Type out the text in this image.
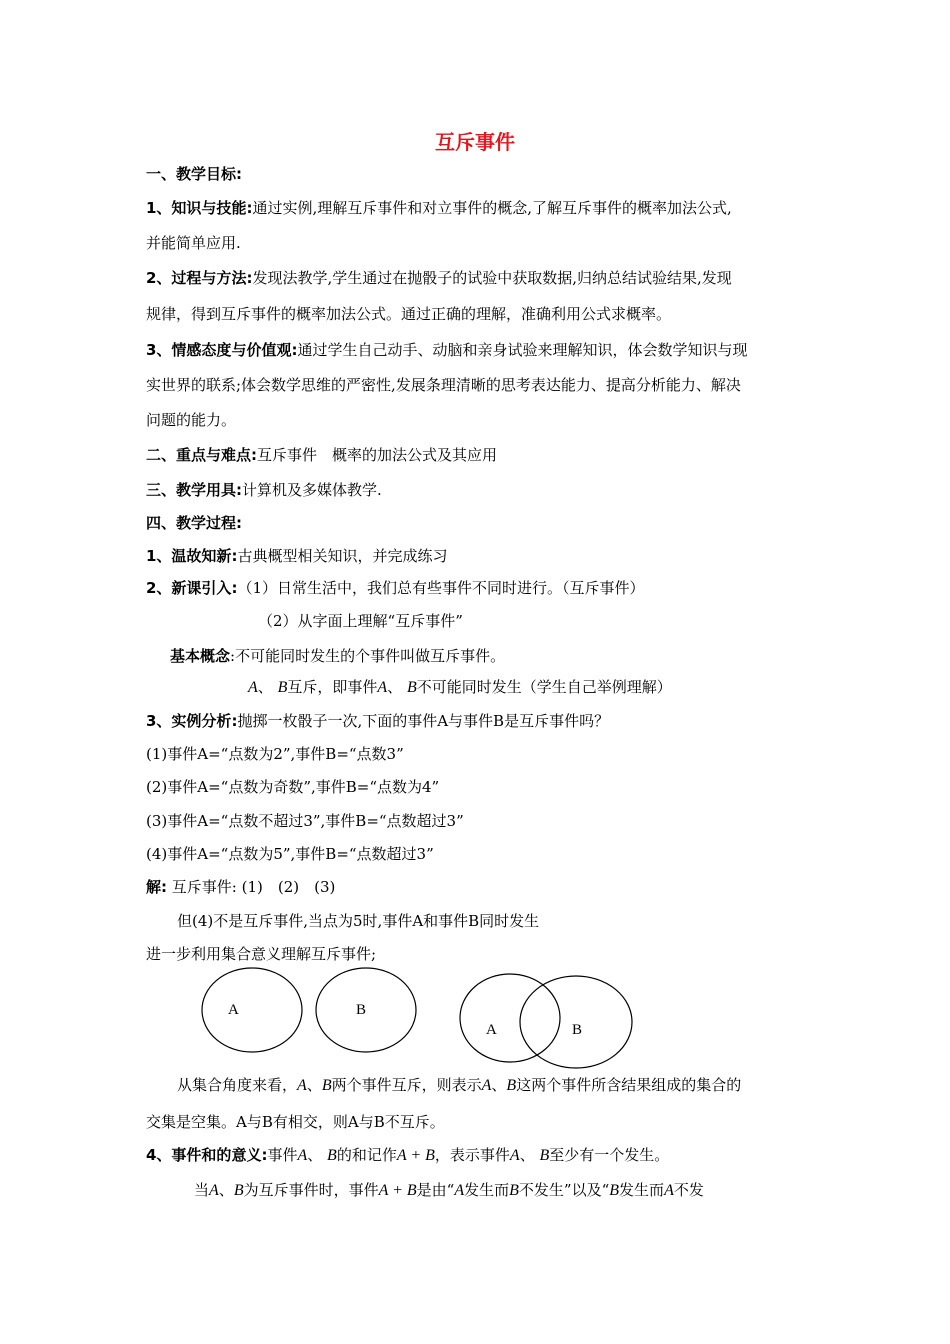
互斥事件
一、教学目标:
1、知识与技能:通过实例,理解互斥事件和对立事件的概念,了解互斥事件的概率加法公式,
并能简单应用.
2、过程与方法:发现法教学,学生通过在抛骰子的试验中获取数据,归纳总结试验结果,发现
规律，得到互斥事件的概率加法公式。通过正确的理解，准确利用公式求概率。
3、情感态度与价值观:通过学生自己动手、动脑和亲身试验来理解知识，体会数学知识与现
实世界的联系;体会数学思维的严密性,发展条理清晰的思考表达能力、提高分析能力、解决
问题的能力。
二、重点与难点:互斥事件　概率的加法公式及其应用
三、教学用具:计算机及多媒体教学.
四、教学过程:
1、温故知新:古典概型相关知识，并完成练习
2、新课引入:（1）日常生活中，我们总有些事件不同时进行。（互斥事件）
（2）从字面上理解“互斥事件”
基本概念:不可能同时发生的个事件叫做互斥事件。
A、 B互斥，即事件A、 B不可能同时发生（学生自己举例理解）
3、实例分析:抛掷一枚骰子一次,下面的事件A与事件B是互斥事件吗？
(1)事件A=“点数为2”,事件B=“点数3”
(2)事件A=“点数为奇数”,事件B=“点数为4”
(3)事件A=“点数不超过3”,事件B=“点数超过3”
(4)事件A=“点数为5”,事件B=“点数超过3”
解: 互斥事件: (1)　(2)　(3)
但(4)不是互斥事件,当点为5时,事件A和事件B同时发生
进一步利用集合意义理解互斥事件;
A	B
A	B
从集合角度来看，A、B两个事件互斥，则表示A、B这两个事件所含结果组成的集合的
交集是空集。A与B有相交，则A与B不互斥。
4、事件和的意义:事件A、 B的和记作A + B，表示事件A、 B至少有一个发生。
当A、B为互斥事件时，事件A + B是由“A发生而B不发生”以及“B发生而A不发
